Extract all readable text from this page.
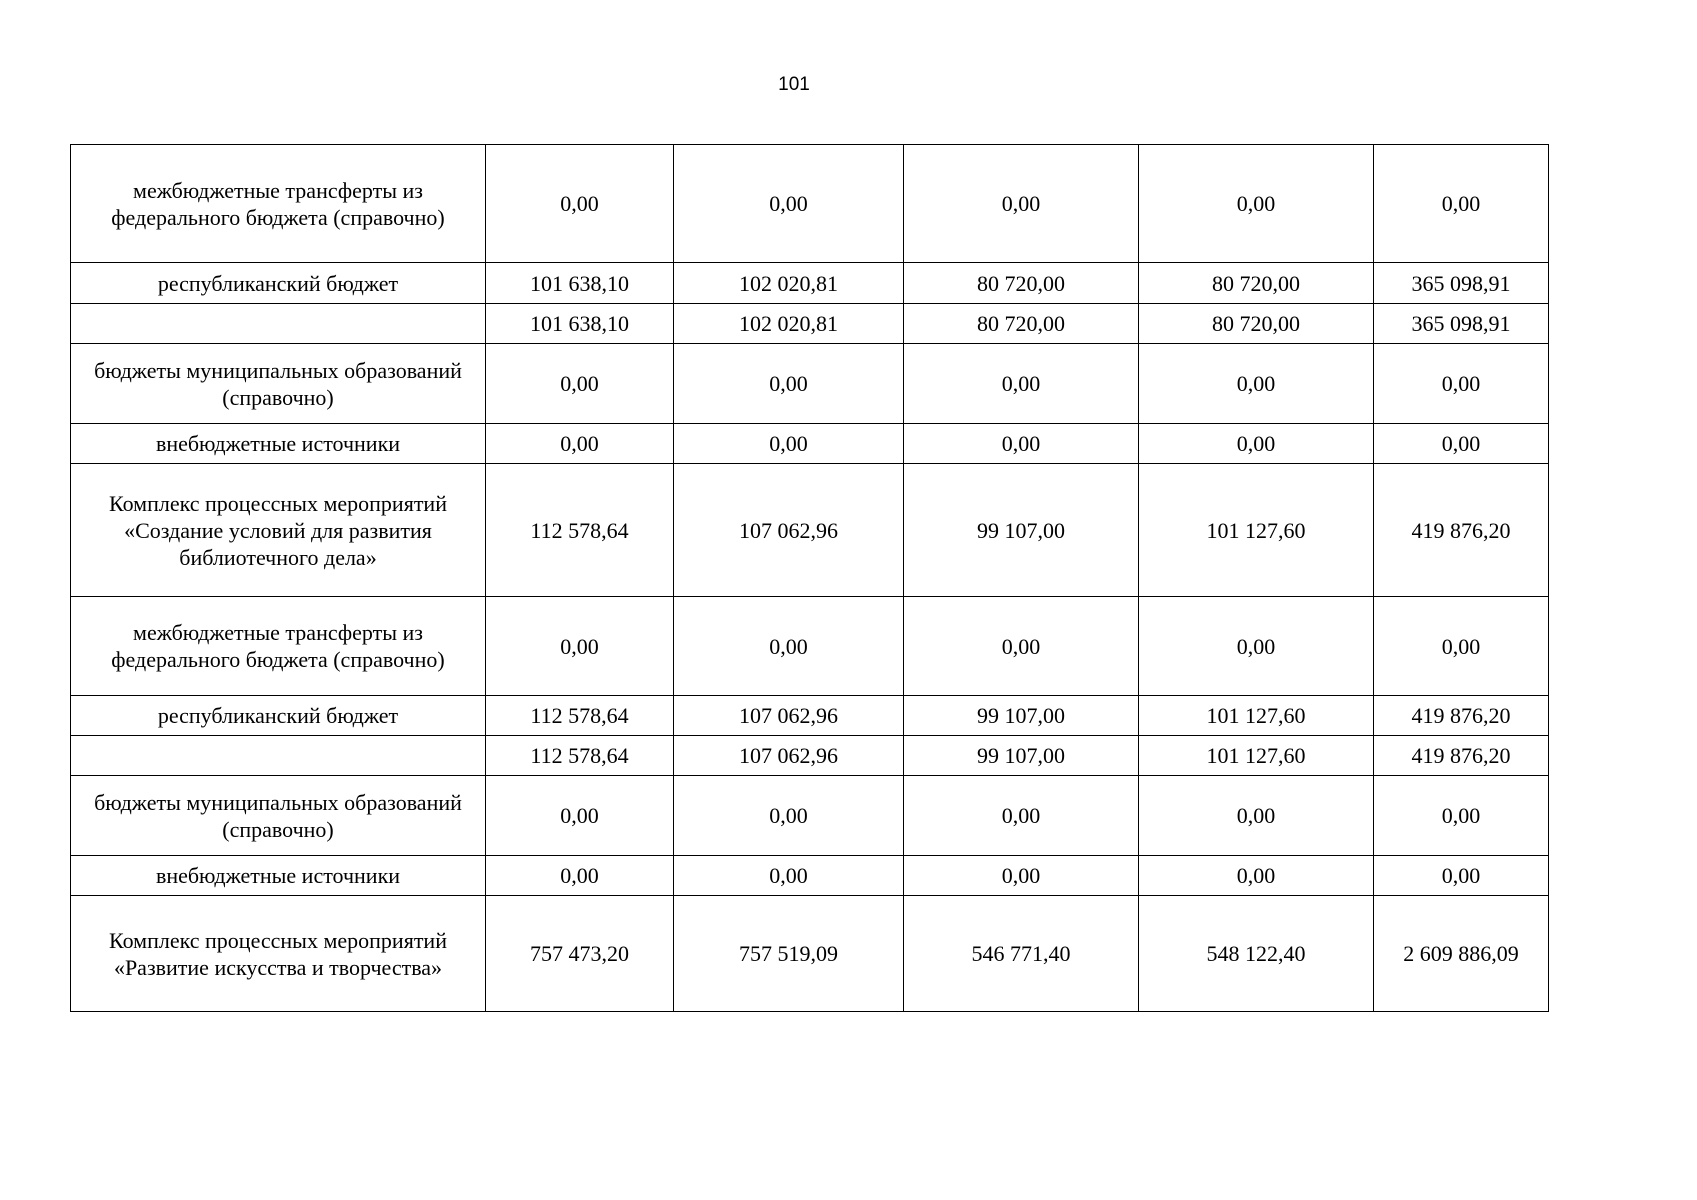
101
межбюджетные трансферты из федерального бюджета (справочно)	0,00	0,00	0,00	0,00	0,00
республиканский бюджет	101 638,10	102 020,81	80 720,00	80 720,00	365 098,91
	101 638,10	102 020,81	80 720,00	80 720,00	365 098,91
бюджеты муниципальных образований (справочно)	0,00	0,00	0,00	0,00	0,00
внебюджетные источники	0,00	0,00	0,00	0,00	0,00
Комплекс процессных мероприятий «Создание условий для развития библиотечного дела»	112 578,64	107 062,96	99 107,00	101 127,60	419 876,20
межбюджетные трансферты из федерального бюджета (справочно)	0,00	0,00	0,00	0,00	0,00
республиканский бюджет	112 578,64	107 062,96	99 107,00	101 127,60	419 876,20
	112 578,64	107 062,96	99 107,00	101 127,60	419 876,20
бюджеты муниципальных образований (справочно)	0,00	0,00	0,00	0,00	0,00
внебюджетные источники	0,00	0,00	0,00	0,00	0,00
Комплекс процессных мероприятий «Развитие искусства и творчества»	757 473,20	757 519,09	546 771,40	548 122,40	2 609 886,09
